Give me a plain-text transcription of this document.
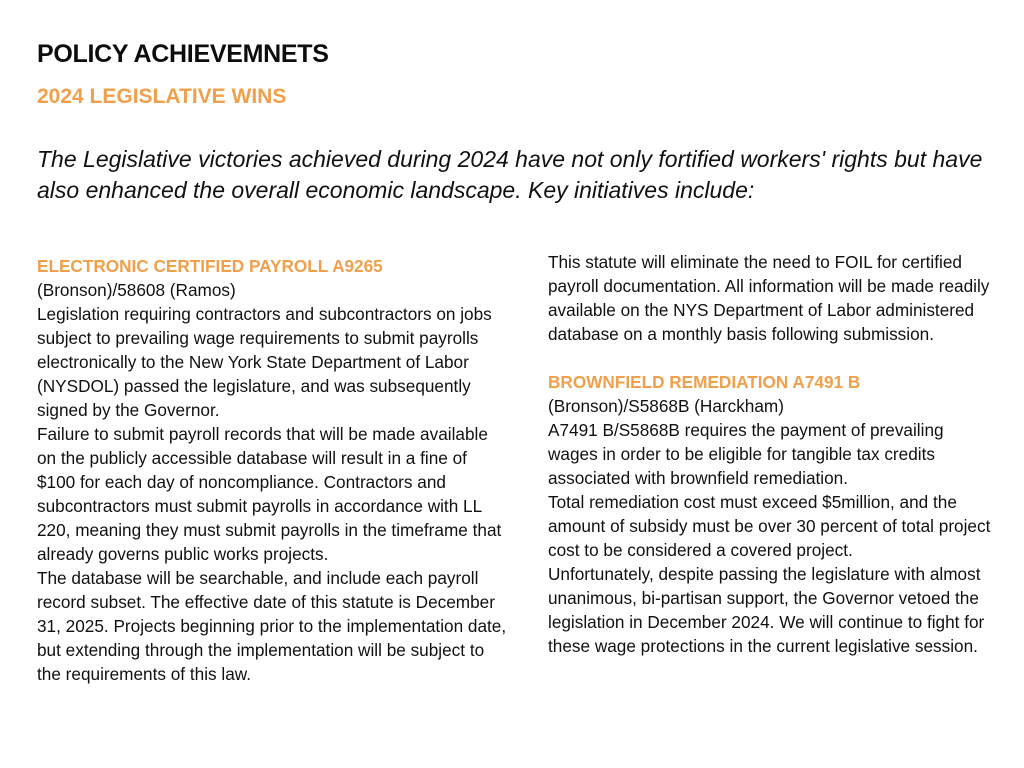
POLICY ACHIEVEMNETS
2024 LEGISLATIVE WINS

The Legislative victories achieved during 2024 have not only fortified workers' rights but have also enhanced the overall economic landscape. Key initiatives include:

ELECTRONIC CERTIFIED PAYROLL A9265
(Bronson)/58608 (Ramos)
Legislation requiring contractors and subcontractors on jobs subject to prevailing wage requirements to submit payrolls electronically to the New York State Department of Labor (NYSDOL) passed the legislature, and was subsequently signed by the Governor.
Failure to submit payroll records that will be made available on the publicly accessible database will result in a fine of $100 for each day of noncompliance. Contractors and subcontractors must submit payrolls in accordance with LL 220, meaning they must submit payrolls in the timeframe that already governs public works projects.
The database will be searchable, and include each payroll record subset. The effective date of this statute is December 31, 2025. Projects beginning prior to the implementation date, but extending through the implementation will be subject to the requirements of this law.
This statute will eliminate the need to FOIL for certified payroll documentation. All information will be made readily available on the NYS Department of Labor administered database on a monthly basis following submission.
BROWNFIELD REMEDIATION A7491 B
(Bronson)/S5868B (Harckham)
A7491 B/S5868B requires the payment of prevailing wages in order to be eligible for tangible tax credits associated with brownfield remediation.
Total remediation cost must exceed $5million, and the amount of subsidy must be over 30 percent of total project cost to be considered a covered project.
Unfortunately, despite passing the legislature with almost unanimous, bi-partisan support, the Governor vetoed the legislation in December 2024. We will continue to fight for these wage protections in the current legislative session.
